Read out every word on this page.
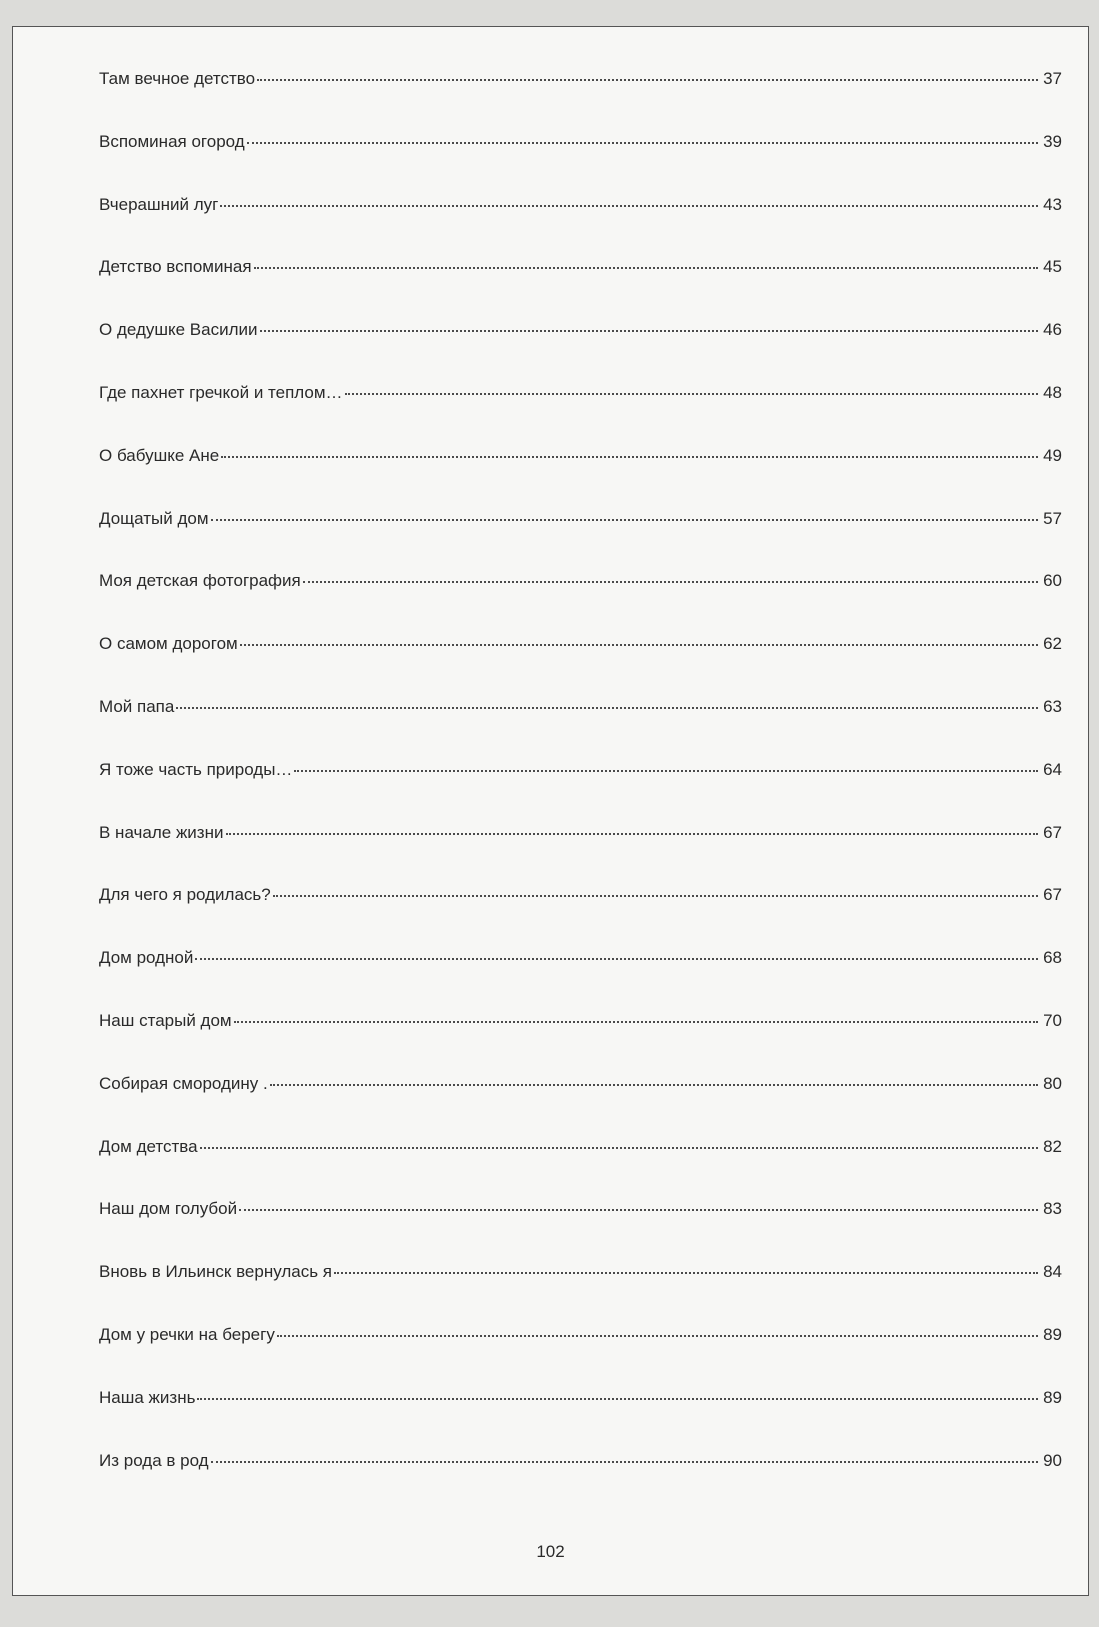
Там вечное детство	37
Вспоминая огород	39
Вчерашний луг	43
Детство вспоминая	45
О дедушке Василии	46
Где пахнет гречкой и теплом…	48
О бабушке Ане	49
Дощатый дом	57
Моя детская фотография	60
О самом дорогом	62
Мой папа	63
Я тоже часть природы…	64
В начале жизни	67
Для чего я родилась?	67
Дом родной	68
Наш старый дом	70
Собирая смородину .	80
Дом детства	82
Наш дом голубой	83
Вновь в Ильинск вернулась я	84
Дом у речки на берегу	89
Наша жизнь	89
Из рода в род	90
102
